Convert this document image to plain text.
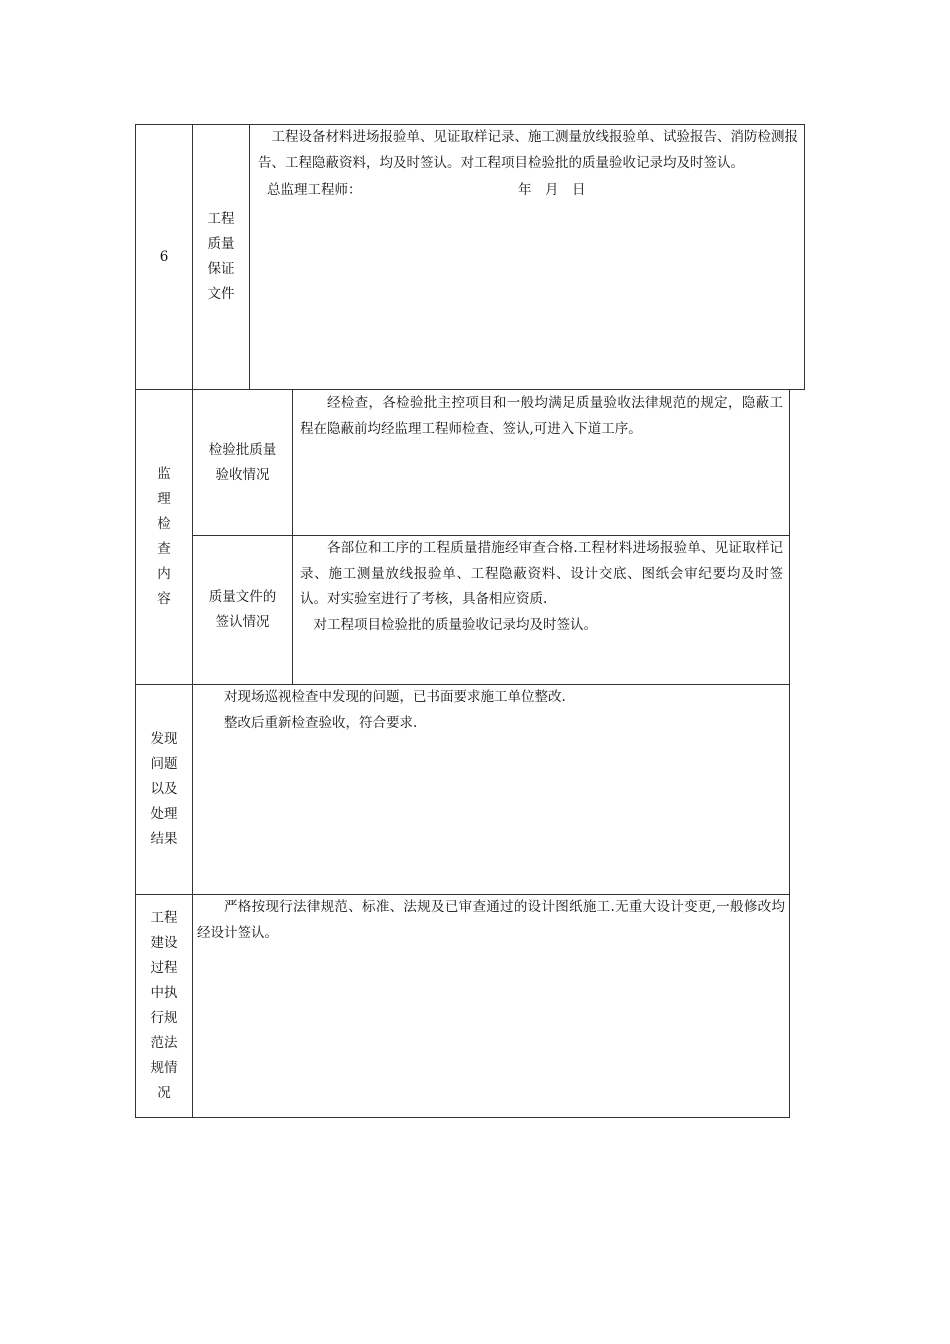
6
工程
质量
保证
文件

工程设备材料进场报验单、见证取样记录、施工测量放线报验单、试验报告、消防检测报告、工程隐蔽资料，均及时签认。对工程项目检验批的质量验收记录均及时签认。

总监理工程师：	年　月　日
监
理
检
查
内
容
检验批质量
验收情况

经检查，各检验批主控项目和一般均满足质量验收法律规范的规定，隐蔽工程在隐蔽前均经监理工程师检查、签认,可进入下道工序。

质量文件的
签认情况

各部位和工序的工程质量措施经审查合格.工程材料进场报验单、见证取样记录、施工测量放线报验单、工程隐蔽资料、设计交底、图纸会审纪要均及时签认。对实验室进行了考核，具备相应资质.

对工程项目检验批的质量验收记录均及时签认。

发现
问题
以及
处理
结果

对现场巡视检查中发现的问题，已书面要求施工单位整改.

整改后重新检查验收，符合要求.

工程
建设
过程
中执
行规
范法
规情
况

严格按现行法律规范、标准、法规及已审查通过的设计图纸施工.无重大设计变更,一般修改均经设计签认。
